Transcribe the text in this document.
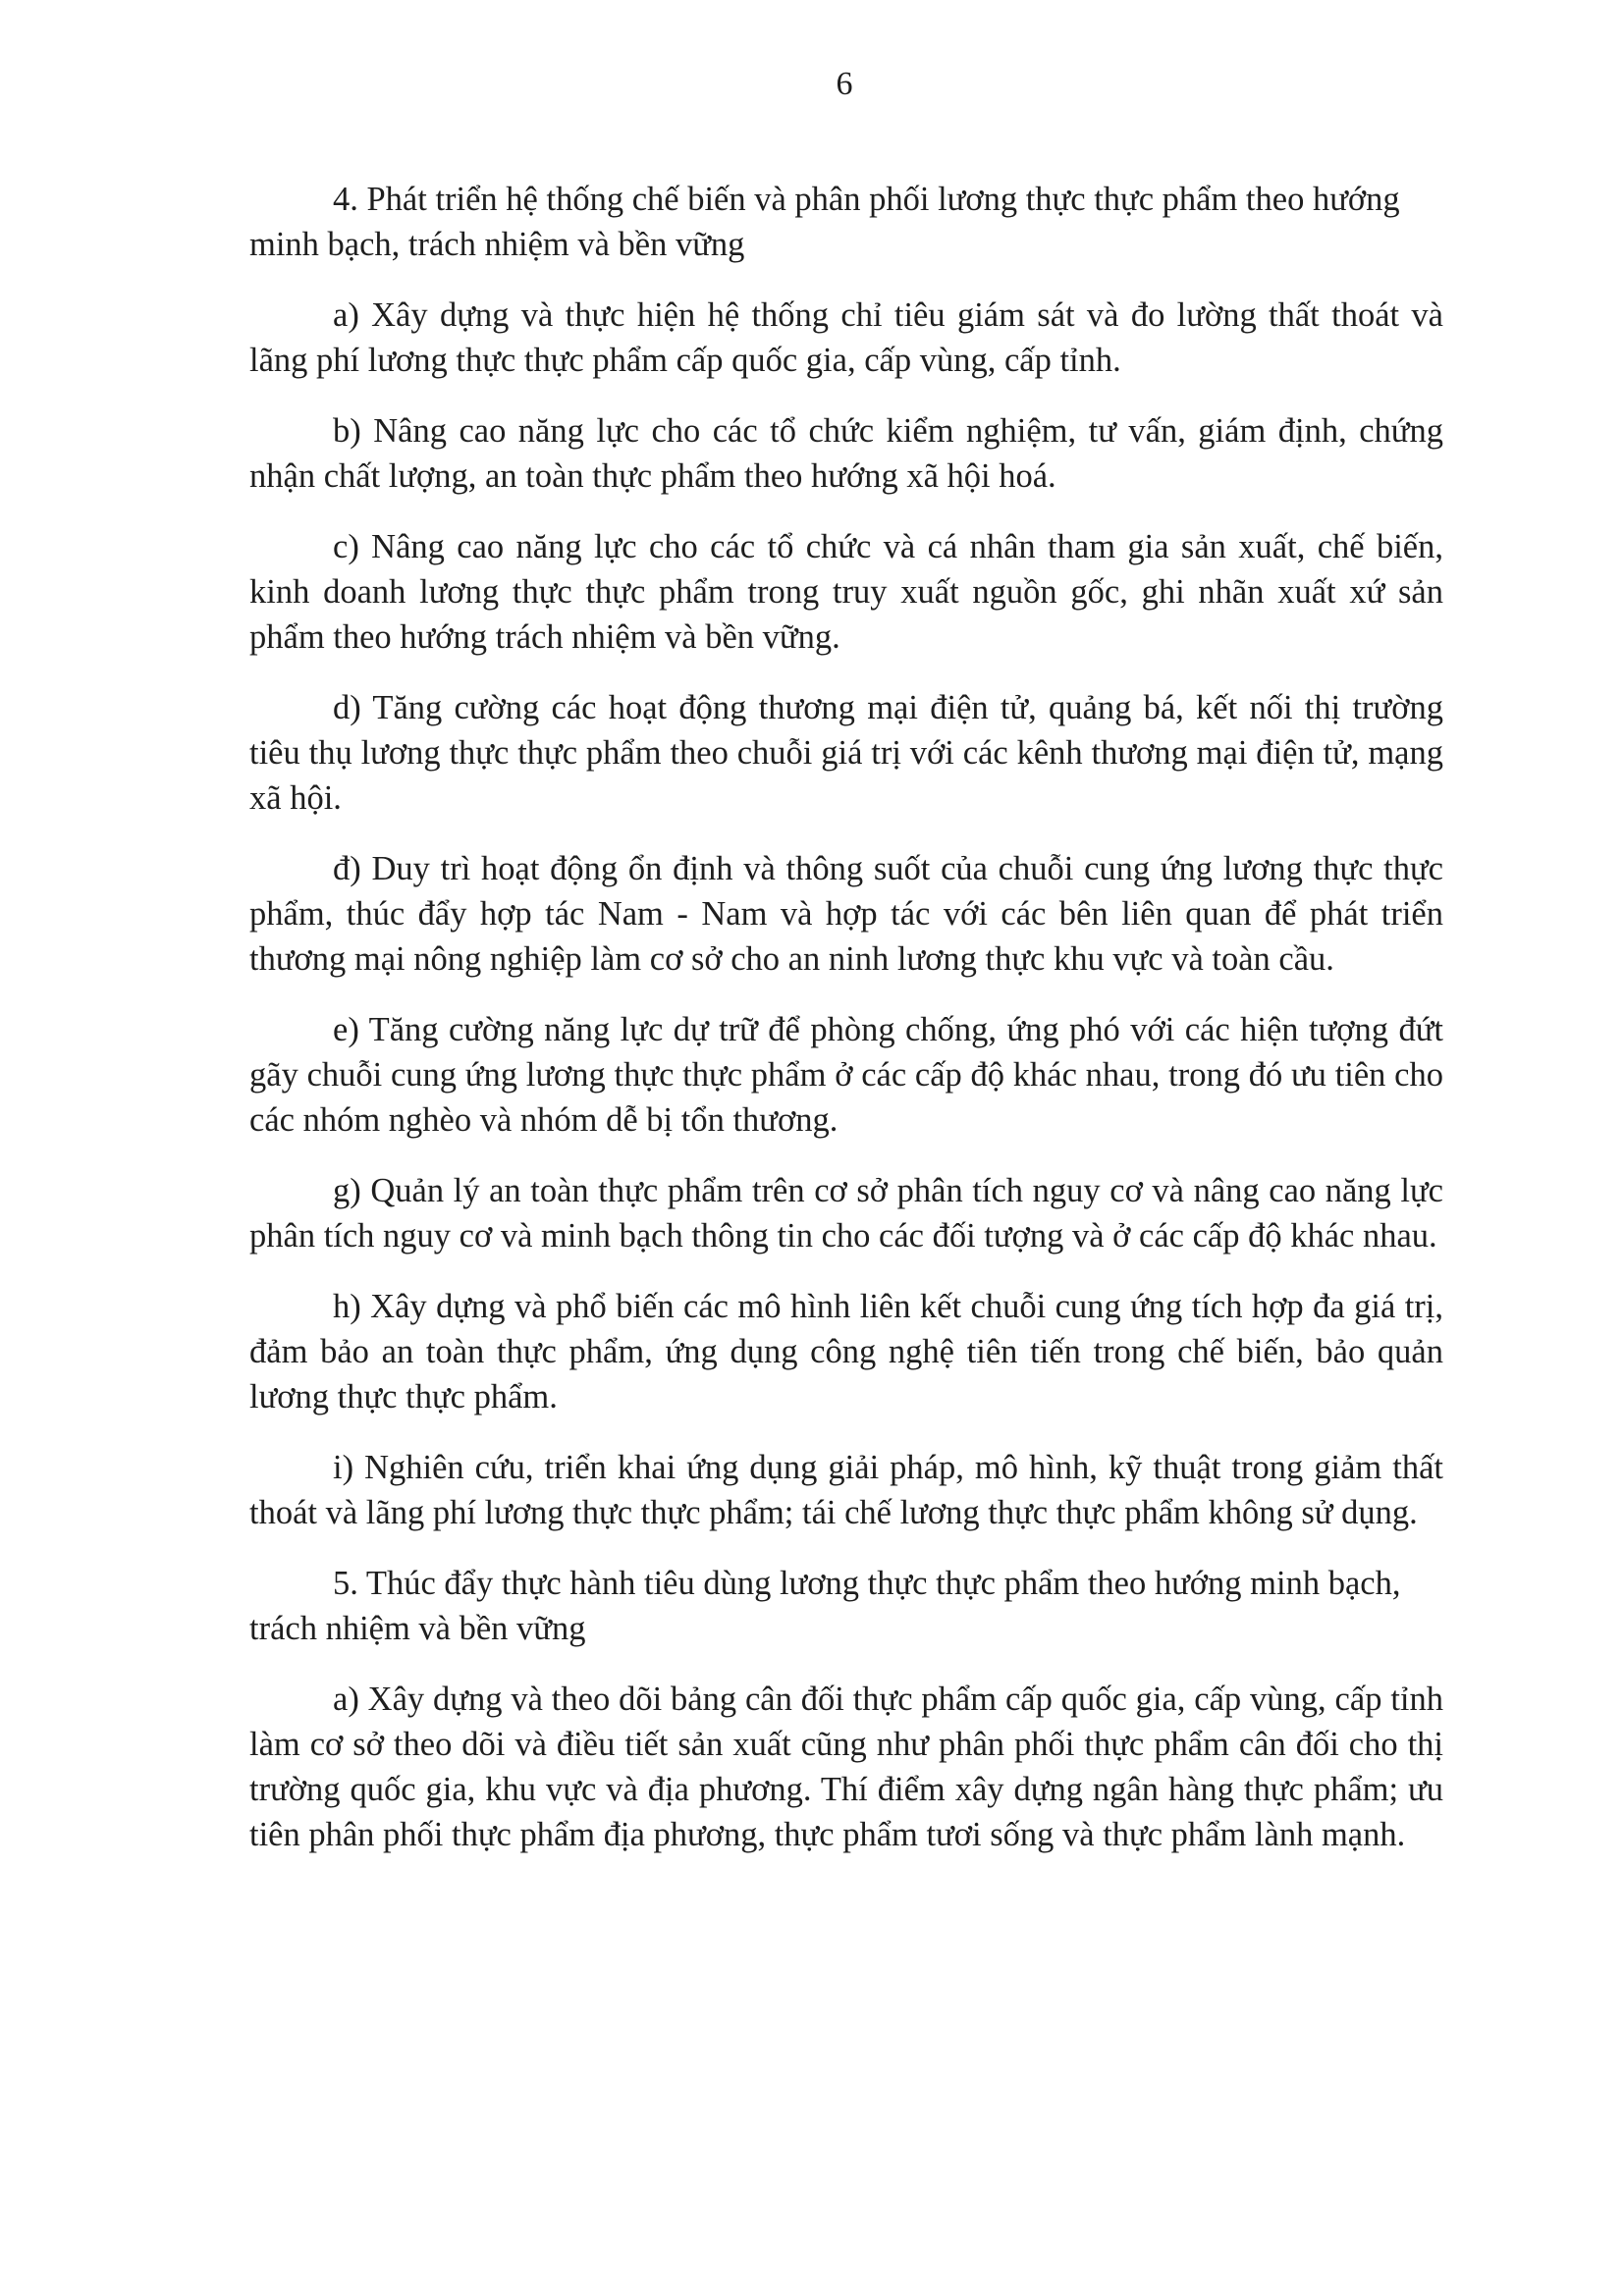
6

4. Phát triển hệ thống chế biến và phân phối lương thực thực phẩm theo hướng minh bạch, trách nhiệm và bền vững

a) Xây dựng và thực hiện hệ thống chỉ tiêu giám sát và đo lường thất thoát và lãng phí lương thực thực phẩm cấp quốc gia, cấp vùng, cấp tỉnh.

b) Nâng cao năng lực cho các tổ chức kiểm nghiệm, tư vấn, giám định, chứng nhận chất lượng, an toàn thực phẩm theo hướng xã hội hoá.

c) Nâng cao năng lực cho các tổ chức và cá nhân tham gia sản xuất, chế biến, kinh doanh lương thực thực phẩm trong truy xuất nguồn gốc, ghi nhãn xuất xứ sản phẩm theo hướng trách nhiệm và bền vững.

d) Tăng cường các hoạt động thương mại điện tử, quảng bá, kết nối thị trường tiêu thụ lương thực thực phẩm theo chuỗi giá trị với các kênh thương mại điện tử, mạng xã hội.

đ) Duy trì hoạt động ổn định và thông suốt của chuỗi cung ứng lương thực thực phẩm, thúc đẩy hợp tác Nam - Nam và hợp tác với các bên liên quan để phát triển thương mại nông nghiệp làm cơ sở cho an ninh lương thực khu vực và toàn cầu.

e) Tăng cường năng lực dự trữ để phòng chống, ứng phó với các hiện tượng đứt gãy chuỗi cung ứng lương thực thực phẩm ở các cấp độ khác nhau, trong đó ưu tiên cho các nhóm nghèo và nhóm dễ bị tổn thương.

g) Quản lý an toàn thực phẩm trên cơ sở phân tích nguy cơ và nâng cao năng lực phân tích nguy cơ và minh bạch thông tin cho các đối tượng và ở các cấp độ khác nhau.

h) Xây dựng và phổ biến các mô hình liên kết chuỗi cung ứng tích hợp đa giá trị, đảm bảo an toàn thực phẩm, ứng dụng công nghệ tiên tiến trong chế biến, bảo quản lương thực thực phẩm.

i) Nghiên cứu, triển khai ứng dụng giải pháp, mô hình, kỹ thuật trong giảm thất thoát và lãng phí lương thực thực phẩm; tái chế lương thực thực phẩm không sử dụng.

5. Thúc đẩy thực hành tiêu dùng lương thực thực phẩm theo hướng minh bạch, trách nhiệm và bền vững

a) Xây dựng và theo dõi bảng cân đối thực phẩm cấp quốc gia, cấp vùng, cấp tỉnh làm cơ sở theo dõi và điều tiết sản xuất cũng như phân phối thực phẩm cân đối cho thị trường quốc gia, khu vực và địa phương. Thí điểm xây dựng ngân hàng thực phẩm; ưu tiên phân phối thực phẩm địa phương, thực phẩm tươi sống và thực phẩm lành mạnh.
